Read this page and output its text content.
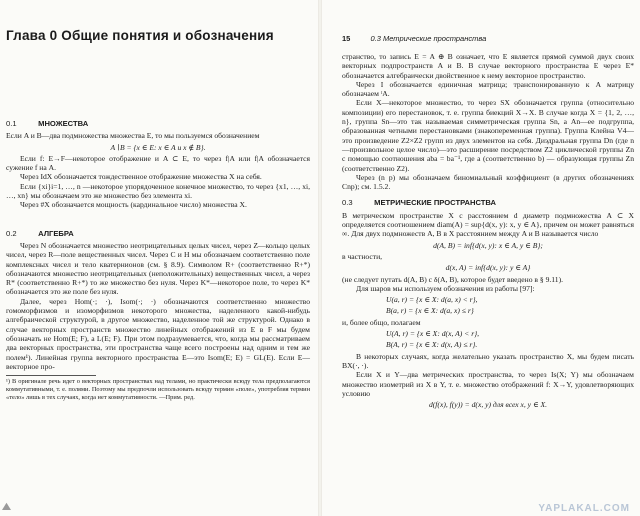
Глава 0 Общие понятия и обозначения
0.1	МНОЖЕСТВА

Если A и B—два подмножества множества E, то мы пользуемся обозначением

A∖B = {x ∈ E: x ∈ A и x ∉ B}.

Если f: E→F—некоторое отображение и A ⊂ E, то через f|A или f|A обозначается сужение f на A.

Через IdX обозначается тождественное отображение множества X на себя.

Если {xi}i=1, …, n —некоторое упорядоченное конечное множество, то через {x1, …, xi, …, xn} мы обозначаем это же множество без элемента xi.

Через #X обозначается мощность (кардинальное число) множества X.

0.2	АЛГЕБРА

Через N обозначается множество неотрицательных целых чисел, через Z—кольцо целых чисел, через R—поле вещественных чисел. Через C и H мы обозначаем соответственно поле комплексных чисел и тело кватернионов (см. § 8.9). Символом R+ (соответственно R+*) обозначаются множество неотрицательных (неположительных) вещественных чисел, а через R* (соответственно R+*) то же множество без нуля. Через K*—некоторое поле, то через K* обозначается это же поле без нуля.

Далее, через Hom(·; ·), Isom(·; ·) обозначаются соответственно множество гомоморфизмов и изоморфизмов некоторого множества, наделенного какой-нибудь алгебраической структурой, в другое множество, наделенное той же структурой. Однако в случае векторных пространств множество линейных отображений из E в F мы будем обозначать не Hom(E; F), а L(E; F). При этом подразумевается, что, когда мы рассматриваем два векторных пространства, эти пространства чаще всего построены над одним и тем же полем¹). Линейная группа векторного пространства E—это Isom(E; E) = GL(E). Если E—векторное про-

¹) В оригинале речь идет о векторных пространствах над телами, но практически всюду тела предполагаются коммутативными, т. е. полями. Поэтому мы предпочли использовать всюду термин «поле», употребляя термин «тело» лишь в тех случаях, когда нет коммутативности. —Прим. ред.
15	0.3 Метрические пространства

странство, то запись E = A ⊕ B означает, что E является прямой суммой двух своих векторных подпространств A и B. В случае векторного пространства E через E* обозначается алгебраически двойственное к нему векторное пространство.

Через I обозначается единичная матрица; транспонированную к A матрицу обозначаем ᵗA.

Если X—некоторое множество, то через SX обозначается группа (относительно композиции) его перестановок, т. е. группа биекций X→X. В случае когда X = {1, 2, …, n}, группа Sn—это так называемая симметрическая группа Sn, а An—ее подгруппа, образованная четными перестановками (знакопеременная группа). Группа Клейна V4—это произведение Z2×Z2 групп из двух элементов на себя. Диэдральная группа Dn (где n—произвольное целое число)—это расширение посредством Z2 циклической группы Zn с помощью соотношения aba = ba⁻¹, где a (соответственно b) — образующая группы Zn (соответственно Z2).

Через (n p) мы обозначаем биномиальный коэффициент (в других обозначениях Cnp); см. 1.5.2.

0.3	МЕТРИЧЕСКИЕ ПРОСТРАНСТВА

В метрическом пространстве X с расстоянием d диаметр подмножества A ⊂ X определяется соотношением diam(A) = sup{d(x, y): x, y ∈ A}, причем он может равняться ∞. Для двух подмножеств A, B в X расстоянием между A и B называется число

d(A, B) = inf{d(x, y): x ∈ A, y ∈ B};

в частности,

d(x, A) = inf{d(x, y): y ∈ A}

(не следует путать d(A, B) с δ(A, B), которое будет введено в § 9.11).

Для шаров мы используем обозначения из работы [97]:

U(a, r) = {x ∈ X: d(a, x) < r},
B(a, r) = {x ∈ X: d(a, x) ≤ r}

и, более общо, полагаем

U(A, r) = {x ∈ X: d(x, A) < r},
B(A, r) = {x ∈ X: d(x, A) ≤ r}.

В некоторых случаях, когда желательно указать пространство X, мы будем писать BX(·, ·).

Если X и Y—два метрических пространства, то через Is(X; Y) мы обозначаем множество изометрий из X в Y, т. е. множество отображений f: X→Y, удовлетворяющих условию

d(f(x), f(y)) = d(x, y) для всех x, y ∈ X.
YAPLAKAL.COM
